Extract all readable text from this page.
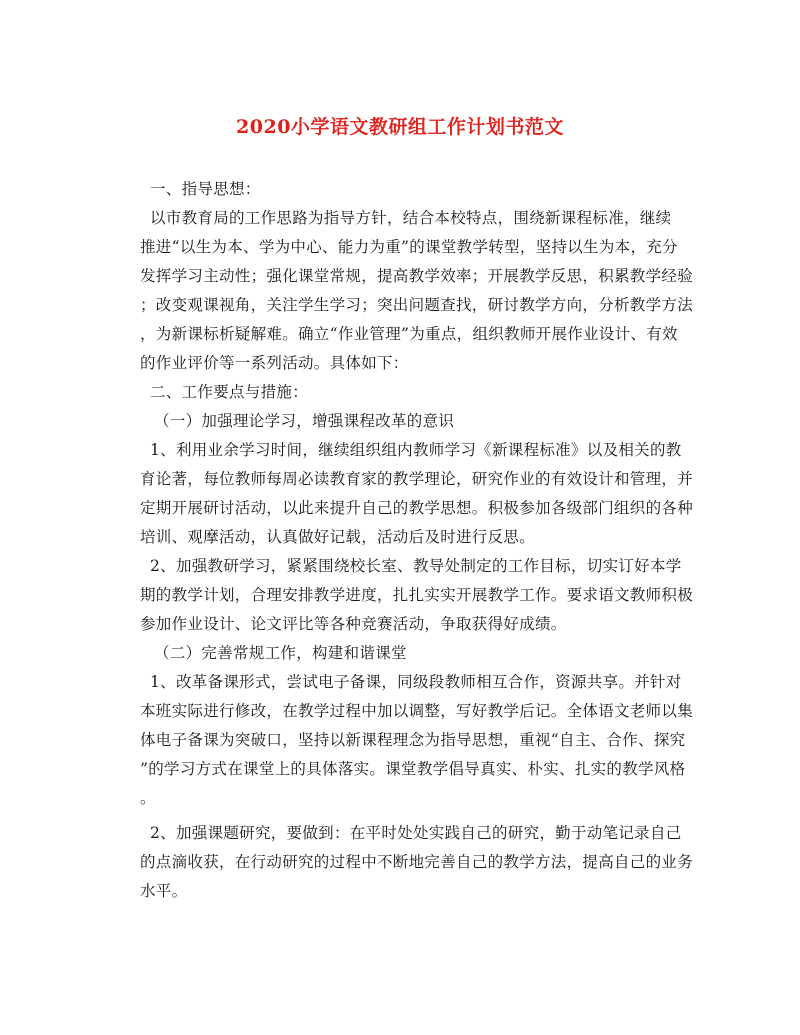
2020小学语文教研组工作计划书范文
一、指导思想：
以市教育局的工作思路为指导方针，结合本校特点，围绕新课程标准，继续
推进“以生为本、学为中心、能力为重”的课堂教学转型，坚持以生为本，充分
发挥学习主动性；强化课堂常规，提高教学效率；开展教学反思，积累教学经验
；改变观课视角，关注学生学习；突出问题查找，研讨教学方向，分析教学方法
，为新课标析疑解难。确立“作业管理”为重点，组织教师开展作业设计、有效
的作业评价等一系列活动。具体如下：
二、工作要点与措施：
（一）加强理论学习，增强课程改革的意识
1、利用业余学习时间，继续组织组内教师学习《新课程标准》以及相关的教
育论著，每位教师每周必读教育家的教学理论，研究作业的有效设计和管理，并
定期开展研讨活动，以此来提升自己的教学思想。积极参加各级部门组织的各种
培训、观摩活动，认真做好记载，活动后及时进行反思。
2、加强教研学习，紧紧围绕校长室、教导处制定的工作目标，切实订好本学
期的教学计划，合理安排教学进度，扎扎实实开展教学工作。要求语文教师积极
参加作业设计、论文评比等各种竞赛活动，争取获得好成绩。
（二）完善常规工作，构建和谐课堂
1、改革备课形式，尝试电子备课，同级段教师相互合作，资源共享。并针对
本班实际进行修改，在教学过程中加以调整，写好教学后记。全体语文老师以集
体电子备课为突破口，坚持以新课程理念为指导思想，重视“自主、合作、探究
”的学习方式在课堂上的具体落实。课堂教学倡导真实、朴实、扎实的教学风格
。
2、加强课题研究，要做到：在平时处处实践自己的研究，勤于动笔记录自己
的点滴收获，在行动研究的过程中不断地完善自己的教学方法，提高自己的业务
水平。
